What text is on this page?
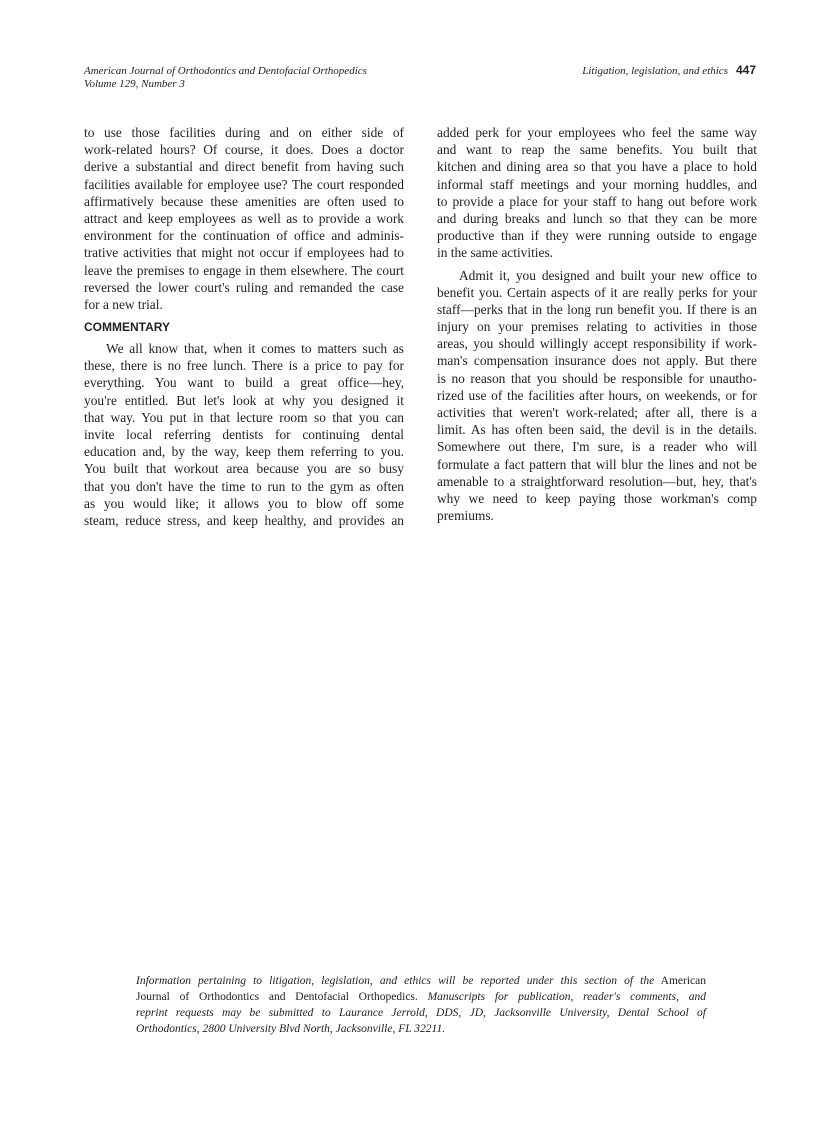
American Journal of Orthodontics and Dentofacial Orthopedics
Volume 129, Number 3
Litigation, legislation, and ethics 447
to use those facilities during and on either side of
work-related hours? Of course, it does. Does a doctor
derive a substantial and direct benefit from having such
facilities available for employee use? The court responded
affirmatively because these amenities are often used to
attract and keep employees as well as to provide a work
environment for the continuation of office and adminis-
trative activities that might not occur if employees had to
leave the premises to engage in them elsewhere. The court
reversed the lower court's ruling and remanded the case
for a new trial.
COMMENTARY
We all know that, when it comes to matters such as
these, there is no free lunch. There is a price to pay for
everything. You want to build a great office—hey,
you're entitled. But let's look at why you designed it
that way. You put in that lecture room so that you can
invite local referring dentists for continuing dental
education and, by the way, keep them referring to you.
You built that workout area because you are so busy
that you don't have the time to run to the gym as often
as you would like; it allows you to blow off some
steam, reduce stress, and keep healthy, and provides an
added perk for your employees who feel the same way
and want to reap the same benefits. You built that
kitchen and dining area so that you have a place to hold
informal staff meetings and your morning huddles, and
to provide a place for your staff to hang out before work
and during breaks and lunch so that they can be more
productive than if they were running outside to engage
in the same activities.
Admit it, you designed and built your new office to
benefit you. Certain aspects of it are really perks for your
staff—perks that in the long run benefit you. If there is an
injury on your premises relating to activities in those
areas, you should willingly accept responsibility if work-
man's compensation insurance does not apply. But there
is no reason that you should be responsible for unautho-
rized use of the facilities after hours, on weekends, or for
activities that weren't work-related; after all, there is a
limit. As has often been said, the devil is in the details.
Somewhere out there, I'm sure, is a reader who will
formulate a fact pattern that will blur the lines and not be
amenable to a straightforward resolution—but, hey, that's
why we need to keep paying those workman's comp
premiums.
Information pertaining to litigation, legislation, and ethics will be reported under this section of the American
Journal of Orthodontics and Dentofacial Orthopedics. Manuscripts for publication, reader's comments, and
reprint requests may be submitted to Laurance Jerrold, DDS, JD, Jacksonville University, Dental School of
Orthodontics, 2800 University Blvd North, Jacksonville, FL 32211.
